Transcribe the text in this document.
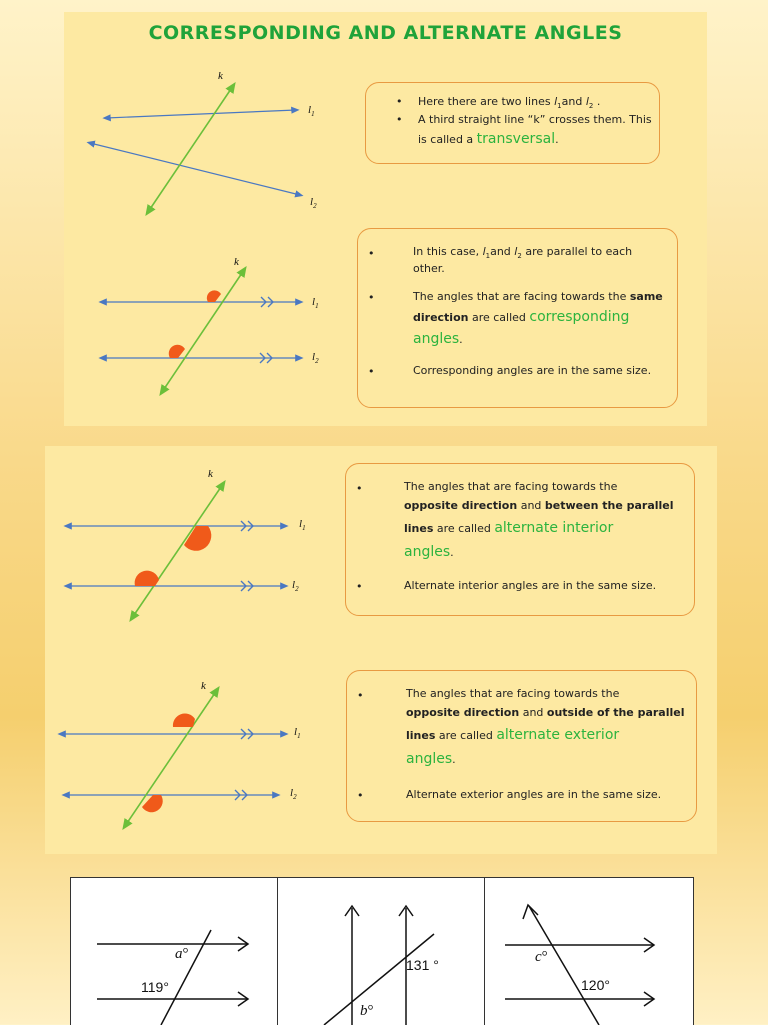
CORRESPONDING AND ALTERNATE ANGLES
k
$l_1$
$l_2$
k
$l_1$
$l_2$
• Here there are two lines $l_1and$ $l_2$ .
• A third straight line “k” crosses them. This
is called a transversal.
•	In this case, $l_1and$ $l_2$ are parallel to each
other.
•	The angles that are facing towards the same
direction are called corresponding
angles.
•	Corresponding angles are in the same size.
k
$l_1$
$l_2$
k
$l_1$
$l_2$
•	The angles that are facing towards the
opposite direction and between the parallel
lines are called alternate interior
angles.
•	Alternate interior angles are in the same size.
•	The angles that are facing towards the
opposite direction and outside of the parallel
lines are called alternate exterior
angles.
•	Alternate exterior angles are in the same size.
a°
119°
131 °
b°
c°
120°
